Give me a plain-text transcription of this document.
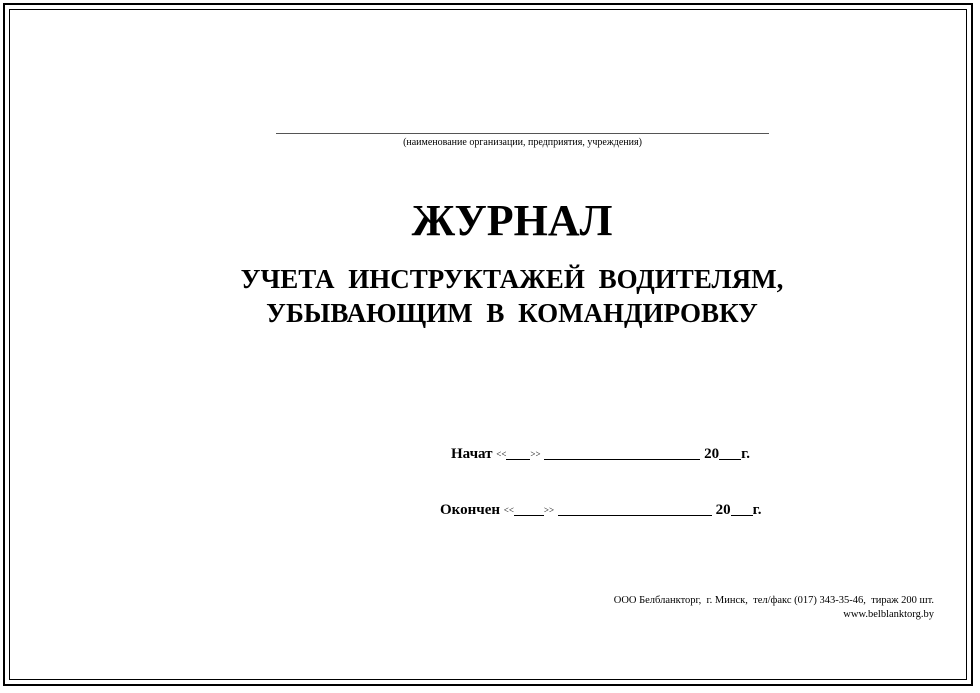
(наименование организации, предприятия, учреждения)
ЖУРНАЛ
УЧЕТА ИНСТРУКТАЖЕЙ ВОДИТЕЛЯМ,
УБЫВАЮЩИМ В КОМАНДИРОВКУ
Начат <<	>>	20 г.
Окончен <<	>>	20 г.
ООО Белбланкторг,  г. Минск,  тел/факс (017) 343-35-46,  тираж 200 шт.
www.belblanktorg.by
